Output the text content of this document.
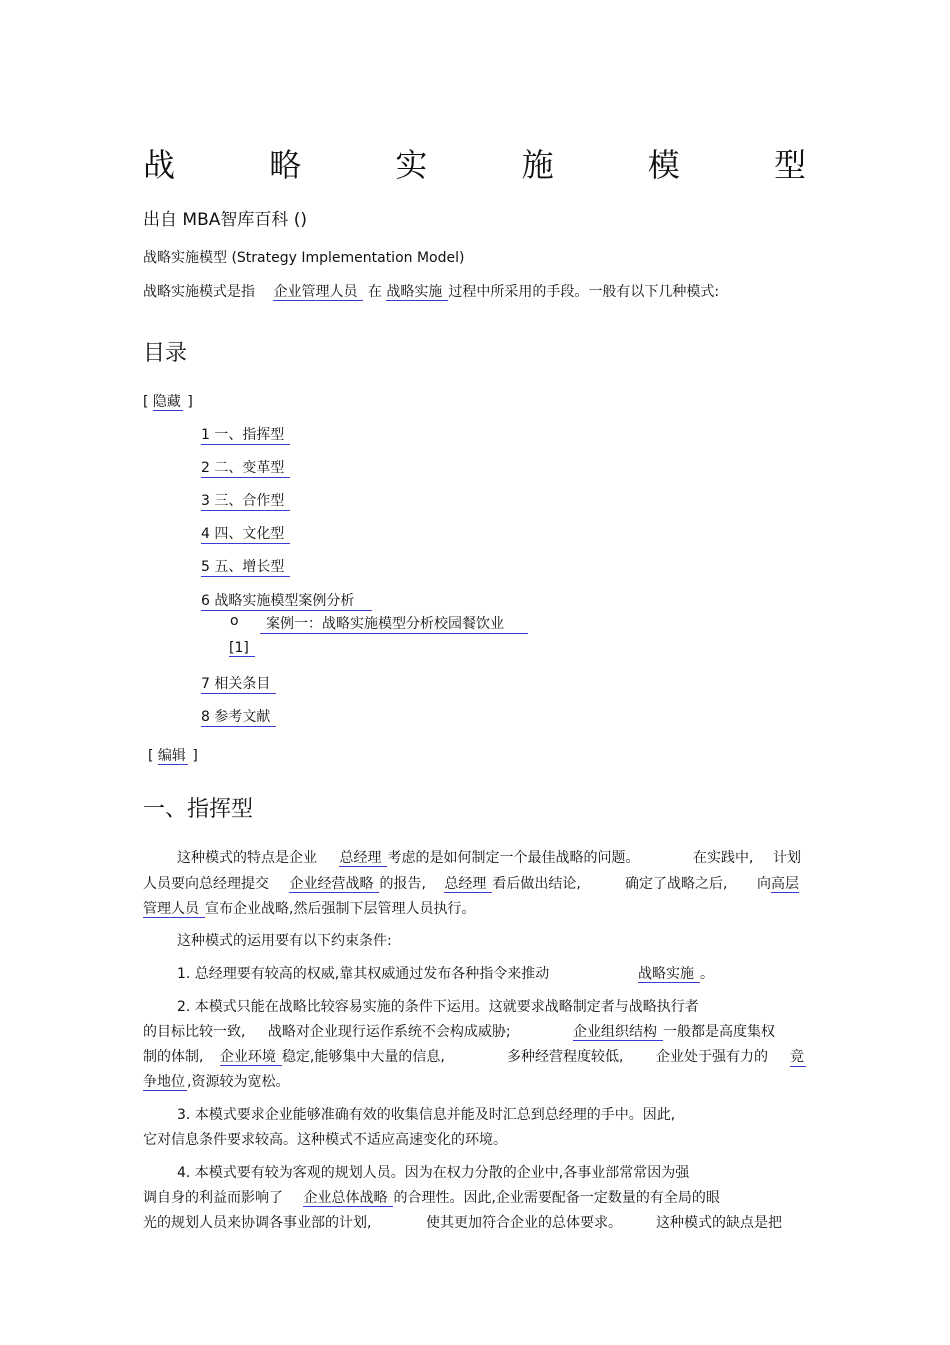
战	略	实	施	模	型
出自 MBA智库百科 ()
战略实施模型 (Strategy Implementation Model)
战略实施模式是指 企业管理人员 在 战略实施 过程中所采用的手段。一般有以下几种模式:
目录
[ 隐藏 ]
1 一、指挥型
2 二、变革型
3 三、合作型
4 四、文化型
5 五、增长型
6 战略实施模型案例分析
o	案例一：战略实施模型分析校园餐饮业
[1]
7 相关条目
8 参考文献
[ 编辑 ]
一、指挥型
这种模式的特点是企业 总经理 考虑的是如何制定一个最佳战略的问题。	在实践中, 计划
人员要向总经理提交 企业经营战略 的报告, 总经理 看后做出结论,	确定了战略之后, 向高层
管理人员 宣布企业战略,然后强制下层管理人员执行。
这种模式的运用要有以下约束条件:
1. 总经理要有较高的权威,靠其权威通过发布各种指令来推动	战略实施 。
2. 本模式只能在战略比较容易实施的条件下运用。这就要求战略制定者与战略执行者
的目标比较一致, 战略对企业现行运作系统不会构成威胁;	企业组织结构 一般都是高度集权
制的体制, 企业环境 稳定,能够集中大量的信息,	多种经营程度较低, 企业处于强有力的 竞
争地位 ,资源较为宽松。
3. 本模式要求企业能够准确有效的收集信息并能及时汇总到总经理的手中。因此,
它对信息条件要求较高。这种模式不适应高速变化的环境。
4. 本模式要有较为客观的规划人员。因为在权力分散的企业中,各事业部常常因为强
调自身的利益而影响了 企业总体战略 的合理性。因此,企业需要配备一定数量的有全局的眼
光的规划人员来协调各事业部的计划,	使其更加符合企业的总体要求。 这种模式的缺点是把
